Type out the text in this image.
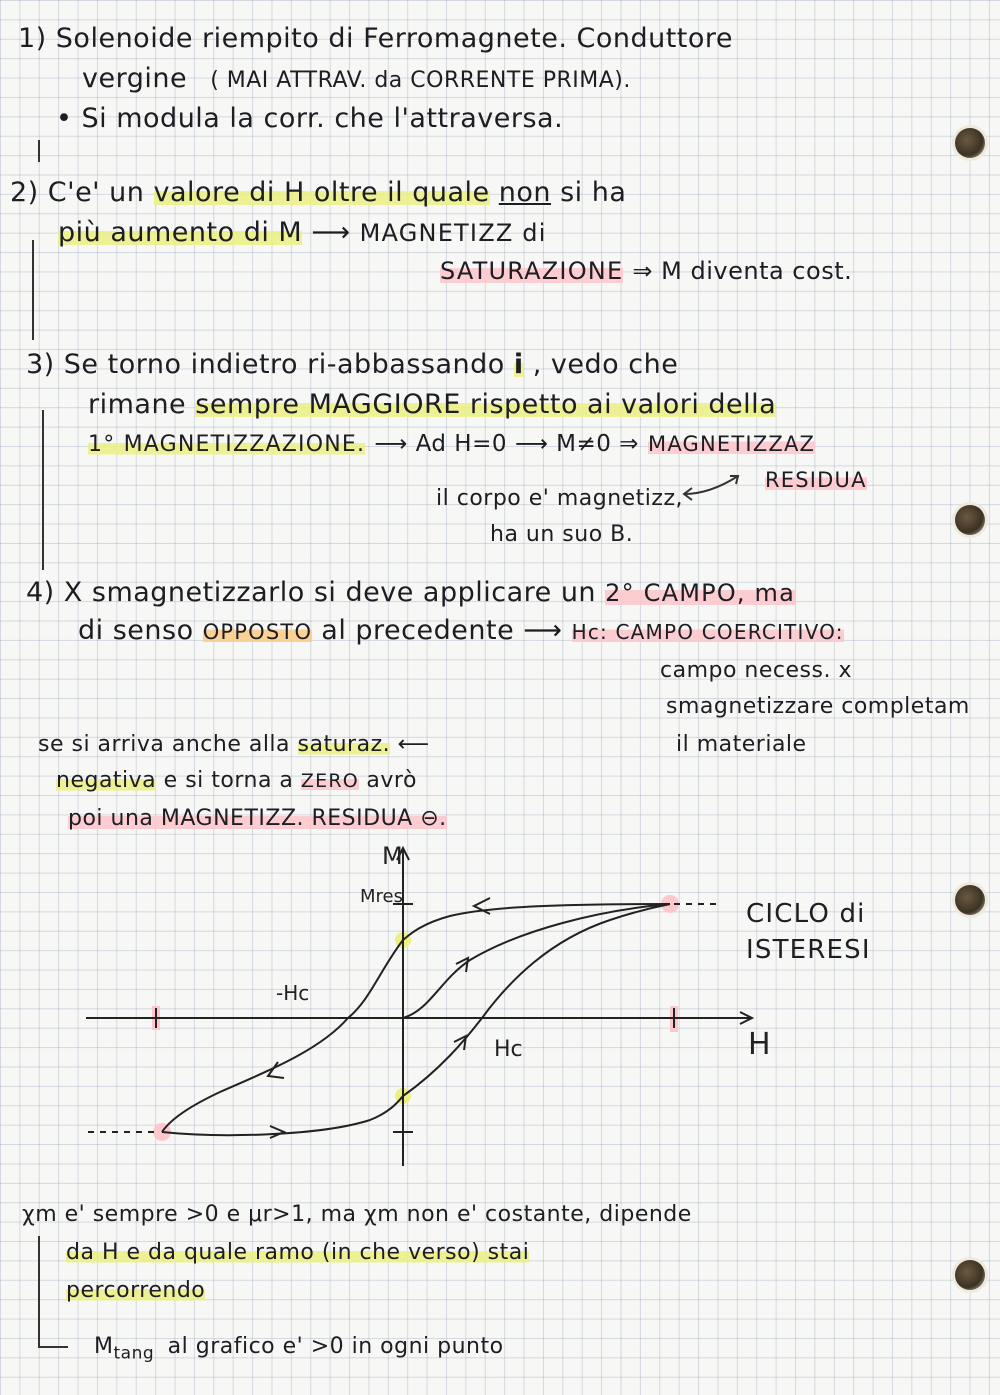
1) Solenoide riempito di Ferromagnete. Conduttore
vergine ( MAI ATTRAV. da CORRENTE PRIMA).
• Si modula la corr. che l'attraversa.
2) C'e' un valore di H oltre il quale non si ha
più aumento di M ⟶ MAGNETIZZ di
SATURAZIONE ⇒ M diventa cost.
3) Se torno indietro ri-abbassando i , vedo che
rimane sempre MAGGIORE rispetto ai valori della
1° MAGNETIZZAZIONE. ⟶ Ad H=0 ⟶ M≠0 ⇒ MAGNETIZZAZ
RESIDUA
il corpo e' magnetizz,
ha un suo B.
4) X smagnetizzarlo si deve applicare un 2° CAMPO, ma
di senso OPPOSTO al precedente ⟶ Hc: CAMPO COERCITIVO:
campo necess. x
smagnetizzare completam
il materiale
se si arriva anche alla saturaz. ⟵
negativa e si torna a ZERO avrò
poi una MAGNETIZZ. RESIDUA ⊖.
M
H
Mres
-Hc
Hc
CICLO di
ISTERESI
χm e' sempre >0 e μr>1, ma χm non e' costante, dipende
da H e da quale ramo (in che verso) stai
percorrendo
$M_{tang}$ al grafico e' >0 in ogni punto
